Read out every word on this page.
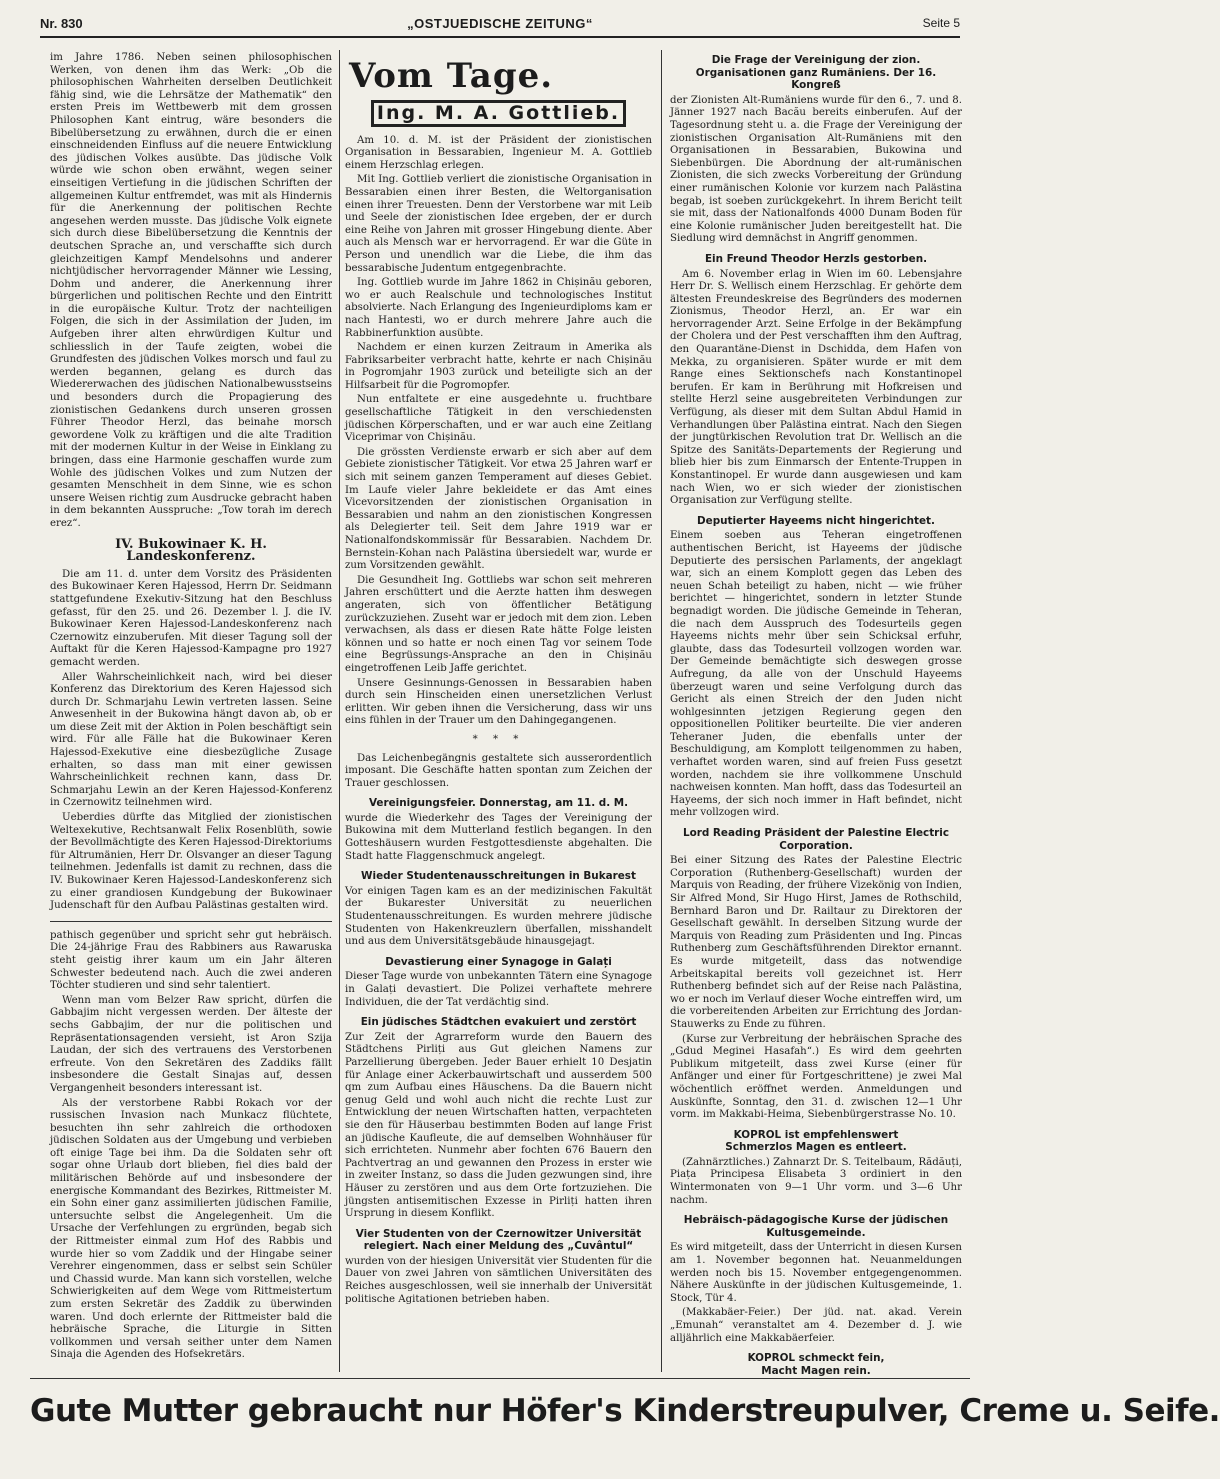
Nr. 830	„OSTJUEDISCHE ZEITUNG“	Seite 5

im Jahre 1786. Neben seinen philosophischen Werken, von denen ihm das Werk: „Ob die philosophischen Wahrheiten derselben Deutlichkeit fähig sind, wie die Lehrsätze der Mathematik“ den ersten Preis im Wettbewerb mit dem grossen Philosophen Kant eintrug, wäre besonders die Bibelübersetzung zu erwähnen, durch die er einen einschneidenden Einfluss auf die neuere Entwicklung des jüdischen Volkes ausübte. Das jüdische Volk würde wie schon oben erwähnt, wegen seiner einseitigen Vertiefung in die jüdischen Schriften der allgemeinen Kultur entfremdet, was mit als Hindernis für die Anerkennung der politischen Rechte angesehen werden musste. Das jüdische Volk eignete sich durch diese Bibelübersetzung die Kenntnis der deutschen Sprache an, und verschaffte sich durch gleichzeitigen Kampf Mendelsohns und anderer nichtjüdischer hervorragender Männer wie Lessing, Dohm und anderer, die Anerkennung ihrer bürgerlichen und politischen Rechte und den Eintritt in die europäische Kultur. Trotz der nachteiligen Folgen, die sich in der Assimilation der Juden, im Aufgeben ihrer alten ehrwürdigen Kultur und schliesslich in der Taufe zeigten, wobei die Grundfesten des jüdischen Volkes morsch und faul zu werden begannen, gelang es durch das Wiedererwachen des jüdischen Nationalbewusstseins und besonders durch die Propagierung des zionistischen Gedankens durch unseren grossen Führer Theodor Herzl, das beinahe morsch gewordene Volk zu kräftigen und die alte Tradition mit der modernen Kultur in der Weise in Einklang zu bringen, dass eine Harmonie geschaffen wurde zum Wohle des jüdischen Volkes und zum Nutzen der gesamten Menschheit in dem Sinne, wie es schon unsere Weisen richtig zum Ausdrucke gebracht haben in dem bekannten Ausspruche: „Tow torah im derech erez“.

IV. Bukowinaer K. H. Landeskonferenz.

Die am 11. d. unter dem Vorsitz des Präsidenten des Bukowinaer Keren Hajessod, Herrn Dr. Seidmann stattgefundene Exekutiv-Sitzung hat den Beschluss gefasst, für den 25. und 26. Dezember l. J. die IV. Bukowinaer Keren Hajessod-Landeskonferenz nach Czernowitz einzuberufen. Mit dieser Tagung soll der Auftakt für die Keren Hajessod-Kampagne pro 1927 gemacht werden.

Aller Wahrscheinlichkeit nach, wird bei dieser Konferenz das Direktorium des Keren Hajessod sich durch Dr. Schmarjahu Lewin vertreten lassen. Seine Anwesenheit in der Bukowina hängt davon ab, ob er um diese Zeit mit der Aktion in Polen beschäftigt sein wird. Für alle Fälle hat die Bukowinaer Keren Hajessod-Exekutive eine diesbezügliche Zusage erhalten, so dass man mit einer gewissen Wahrscheinlichkeit rechnen kann, dass Dr. Schmarjahu Lewin an der Keren Hajessod-Konferenz in Czernowitz teilnehmen wird.

Ueberdies dürfte das Mitglied der zionistischen Weltexekutive, Rechtsanwalt Felix Rosenblüth, sowie der Bevollmächtigte des Keren Hajessod-Direktoriums für Altrumänien, Herr Dr. Olsvanger an dieser Tagung teilnehmen. Jedenfalls ist damit zu rechnen, dass die IV. Bukowinaer Keren Hajessod-Landeskonferenz sich zu einer grandiosen Kundgebung der Bukowinaer Judenschaft für den Aufbau Palästinas gestalten wird.

pathisch gegenüber und spricht sehr gut hebräisch. Die 24-jährige Frau des Rabbiners aus Rawaruska steht geistig ihrer kaum um ein Jahr älteren Schwester bedeutend nach. Auch die zwei anderen Töchter studieren und sind sehr talentiert.

Wenn man vom Belzer Raw spricht, dürfen die Gabbajim nicht vergessen werden. Der älteste der sechs Gabbajim, der nur die politischen und Repräsentationsagenden versieht, ist Aron Szija Laudan, der sich des vertrauens des Verstorbenen erfreute. Von den Sekretären des Zaddiks fällt insbesondere die Gestalt Sinajas auf, dessen Vergangenheit besonders interessant ist.

Als der verstorbene Rabbi Rokach vor der russischen Invasion nach Munkacz flüchtete, besuchten ihn sehr zahlreich die orthodoxen jüdischen Soldaten aus der Umgebung und verbieben oft einige Tage bei ihm. Da die Soldaten sehr oft sogar ohne Urlaub dort blieben, fiel dies bald der militärischen Behörde auf und insbesondere der energische Kommandant des Bezirkes, Rittmeister M. ein Sohn einer ganz assimilierten jüdischen Familie, untersuchte selbst die Angelegenheit. Um die Ursache der Verfehlungen zu ergründen, begab sich der Rittmeister einmal zum Hof des Rabbis und wurde hier so vom Zaddik und der Hingabe seiner Verehrer eingenommen, dass er selbst sein Schüler und Chassid wurde. Man kann sich vorstellen, welche Schwierigkeiten auf dem Wege vom Rittmeistertum zum ersten Sekretär des Zaddik zu überwinden waren. Und doch erlernte der Rittmeister bald die hebräische Sprache, die Liturgie in Sitten vollkommen und versah seither unter dem Namen Sinaja die Agenden des Hofsekretärs.

Vom Tage.
Ing. M. A. Gottlieb.

Am 10. d. M. ist der Präsident der zionistischen Organisation in Bessarabien, Ingenieur M. A. Gottlieb einem Herzschlag erlegen.

Mit Ing. Gottlieb verliert die zionistische Organisation in Bessarabien einen ihrer Besten, die Weltorganisation einen ihrer Treuesten. Denn der Verstorbene war mit Leib und Seele der zionistischen Idee ergeben, der er durch eine Reihe von Jahren mit grosser Hingebung diente. Aber auch als Mensch war er hervorragend. Er war die Güte in Person und unendlich war die Liebe, die ihm das bessarabische Judentum entgegenbrachte.

Ing. Gottlieb wurde im Jahre 1862 in Chișinău geboren, wo er auch Realschule und technologisches Institut absolvierte. Nach Erlangung des Ingenieurdiploms kam er nach Hantesti, wo er durch mehrere Jahre auch die Rabbinerfunktion ausübte.

Nachdem er einen kurzen Zeitraum in Amerika als Fabriksarbeiter verbracht hatte, kehrte er nach Chișinău in Pogromjahr 1903 zurück und beteiligte sich an der Hilfsarbeit für die Pogromopfer.

Nun entfaltete er eine ausgedehnte u. fruchtbare gesellschaftliche Tätigkeit in den verschiedensten jüdischen Körperschaften, und er war auch eine Zeitlang Viceprimar von Chișinău.

Die grössten Verdienste erwarb er sich aber auf dem Gebiete zionistischer Tätigkeit. Vor etwa 25 Jahren warf er sich mit seinem ganzen Temperament auf dieses Gebiet. Im Laufe vieler Jahre bekleidete er das Amt eines Vicevorsitzenden der zionistischen Organisation in Bessarabien und nahm an den zionistischen Kongressen als Delegierter teil. Seit dem Jahre 1919 war er Nationalfondskommissär für Bessarabien. Nachdem Dr. Bernstein-Kohan nach Palästina übersiedelt war, wurde er zum Vorsitzenden gewählt.

Die Gesundheit Ing. Gottliebs war schon seit mehreren Jahren erschüttert und die Aerzte hatten ihm deswegen angeraten, sich von öffentlicher Betätigung zurückzuziehen. Zuseht war er jedoch mit dem zion. Leben verwachsen, als dass er diesen Rate hätte Folge leisten können und so hatte er noch einen Tag vor seinem Tode eine Begrüssungs-Ansprache an den in Chișinău eingetroffenen Leib Jaffe gerichtet.

Unsere Gesinnungs-Genossen in Bessarabien haben durch sein Hinscheiden einen unersetzlichen Verlust erlitten. Wir geben ihnen die Versicherung, dass wir uns eins fühlen in der Trauer um den Dahingegangenen.

* * *

Das Leichenbegängnis gestaltete sich ausserordentlich imposant. Die Geschäfte hatten spontan zum Zeichen der Trauer geschlossen.

Vereinigungsfeier. Donnerstag, am 11. d. M.

wurde die Wiederkehr des Tages der Vereinigung der Bukowina mit dem Mutterland festlich begangen. In den Gotteshäusern wurden Festgottesdienste abgehalten. Die Stadt hatte Flaggenschmuck angelegt.

Wieder Studentenausschreitungen in Bukarest

Vor einigen Tagen kam es an der medizinischen Fakultät der Bukarester Universität zu neuerlichen Studentenausschreitungen. Es wurden mehrere jüdische Studenten von Hakenkreuzlern überfallen, misshandelt und aus dem Universitätsgebäude hinausgejagt.

Devastierung einer Synagoge in Galați

Dieser Tage wurde von unbekannten Tätern eine Synagoge in Galați devastiert. Die Polizei verhaftete mehrere Individuen, die der Tat verdächtig sind.

Ein jüdisches Städtchen evakuiert und zerstört

Zur Zeit der Agrarreform wurde den Bauern des Städtchens Pirliți aus Gut gleichen Namens zur Parzellierung übergeben. Jeder Bauer erhielt 10 Desjatin für Anlage einer Ackerbauwirtschaft und ausserdem 500 qm zum Aufbau eines Häuschens. Da die Bauern nicht genug Geld und wohl auch nicht die rechte Lust zur Entwicklung der neuen Wirtschaften hatten, verpachteten sie den für Häuserbau bestimmten Boden auf lange Frist an jüdische Kaufleute, die auf demselben Wohnhäuser für sich errichteten. Nunmehr aber fochten 676 Bauern den Pachtvertrag an und gewannen den Prozess in erster wie in zweiter Instanz, so dass die Juden gezwungen sind, ihre Häuser zu zerstören und aus dem Orte fortzuziehen. Die jüngsten antisemitischen Exzesse in Pirliți hatten ihren Ursprung in diesem Konflikt.

Vier Studenten von der Czernowitzer Universität relegiert. Nach einer Meldung des „Cuvântul“

wurden von der hiesigen Universität vier Studenten für die Dauer von zwei Jahren von sämtlichen Universitäten des Reiches ausgeschlossen, weil sie innerhalb der Universität politische Agitationen betrieben haben.

Die Frage der Vereinigung der zion. Organisationen ganz Rumäniens. Der 16. Kongreß

der Zionisten Alt-Rumäniens wurde für den 6., 7. und 8. Jänner 1927 nach Bacău bereits einberufen. Auf der Tagesordnung steht u. a. die Frage der Vereinigung der zionistischen Organisation Alt-Rumäniens mit den Organisationen in Bessarabien, Bukowina und Siebenbürgen. Die Abordnung der alt-rumänischen Zionisten, die sich zwecks Vorbereitung der Gründung einer rumänischen Kolonie vor kurzem nach Palästina begab, ist soeben zurückgekehrt. In ihrem Bericht teilt sie mit, dass der Nationalfonds 4000 Dunam Boden für eine Kolonie rumänischer Juden bereitgestellt hat. Die Siedlung wird demnächst in Angriff genommen.

Ein Freund Theodor Herzls gestorben.

Am 6. November erlag in Wien im 60. Lebensjahre Herr Dr. S. Wellisch einem Herzschlag. Er gehörte dem ältesten Freundeskreise des Begründers des modernen Zionismus, Theodor Herzl, an. Er war ein hervorragender Arzt. Seine Erfolge in der Bekämpfung der Cholera und der Pest verschafften ihm den Auftrag, den Quarantäne-Dienst in Dschidda, dem Hafen von Mekka, zu organisieren. Später wurde er mit dem Range eines Sektionschefs nach Konstantinopel berufen. Er kam in Berührung mit Hofkreisen und stellte Herzl seine ausgebreiteten Verbindungen zur Verfügung, als dieser mit dem Sultan Abdul Hamid in Verhandlungen über Palästina eintrat. Nach den Siegen der jungtürkischen Revolution trat Dr. Wellisch an die Spitze des Sanitäts-Departements der Regierung und blieb hier bis zum Einmarsch der Entente-Truppen in Konstantinopel. Er wurde dann ausgewiesen und kam nach Wien, wo er sich wieder der zionistischen Organisation zur Verfügung stellte.

Deputierter Hayeems nicht hingerichtet.

Einem soeben aus Teheran eingetroffenen authentischen Bericht, ist Hayeems der jüdische Deputierte des persischen Parlaments, der angeklagt war, sich an einem Komplott gegen das Leben des neuen Schah beteiligt zu haben, nicht — wie früher berichtet — hingerichtet, sondern in letzter Stunde begnadigt worden. Die jüdische Gemeinde in Teheran, die nach dem Ausspruch des Todesurteils gegen Hayeems nichts mehr über sein Schicksal erfuhr, glaubte, dass das Todesurteil vollzogen worden war. Der Gemeinde bemächtigte sich deswegen grosse Aufregung, da alle von der Unschuld Hayeems überzeugt waren und seine Verfolgung durch das Gericht als einen Streich der den Juden nicht wohlgesinnten jetzigen Regierung gegen den oppositionellen Politiker beurteilte. Die vier anderen Teheraner Juden, die ebenfalls unter der Beschuldigung, am Komplott teilgenommen zu haben, verhaftet worden waren, sind auf freien Fuss gesetzt worden, nachdem sie ihre vollkommene Unschuld nachweisen konnten. Man hofft, dass das Todesurteil an Hayeems, der sich noch immer in Haft befindet, nicht mehr vollzogen wird.

Lord Reading Präsident der Palestine Electric Corporation.

Bei einer Sitzung des Rates der Palestine Electric Corporation (Ruthenberg-Gesellschaft) wurden der Marquis von Reading, der frühere Vizekönig von Indien, Sir Alfred Mond, Sir Hugo Hirst, James de Rothschild, Bernhard Baron und Dr. Railtaur zu Direktoren der Gesellschaft gewählt. In derselben Sitzung wurde der Marquis von Reading zum Präsidenten und Ing. Pincas Ruthenberg zum Geschäftsführenden Direktor ernannt. Es wurde mitgeteilt, dass das notwendige Arbeitskapital bereits voll gezeichnet ist. Herr Ruthenberg befindet sich auf der Reise nach Palästina, wo er noch im Verlauf dieser Woche eintreffen wird, um die vorbereitenden Arbeiten zur Errichtung des Jordan-Stauwerks zu Ende zu führen.

(Kurse zur Verbreitung der hebräischen Sprache des „Gdud Meginei Hasafah“.) Es wird dem geehrten Publikum mitgeteilt, dass zwei Kurse (einer für Anfänger und einer für Fortgeschrittene) je zwei Mal wöchentlich eröffnet werden. Anmeldungen und Auskünfte, Sonntag, den 31. d. zwischen 12—1 Uhr vorm. im Makkabi-Heima, Siebenbürgerstrasse No. 10.

KOPROL ist empfehlenswert
Schmerzlos Magen es entleert.

(Zahnärztliches.) Zahnarzt Dr. S. Teitelbaum, Rădăuți, Piața Principesa Elisabeta 3 ordiniert in den Wintermonaten von 9—1 Uhr vorm. und 3—6 Uhr nachm.

Hebräisch-pädagogische Kurse der jüdischen Kultusgemeinde.

Es wird mitgeteilt, dass der Unterricht in diesen Kursen am 1. November begonnen hat. Neuanmeldungen werden noch bis 15. November entgegengenommen. Nähere Auskünfte in der jüdischen Kultusgemeinde, 1. Stock, Tür 4.

(Makkabäer-Feier.) Der jüd. nat. akad. Verein „Emunah“ veranstaltet am 4. Dezember d. J. wie alljährlich eine Makkabäerfeier.

KOPROL schmeckt fein,
Macht Magen rein.
Gute Mutter gebraucht nur Höfer's Kinderstreupulver, Creme u. Seife.
